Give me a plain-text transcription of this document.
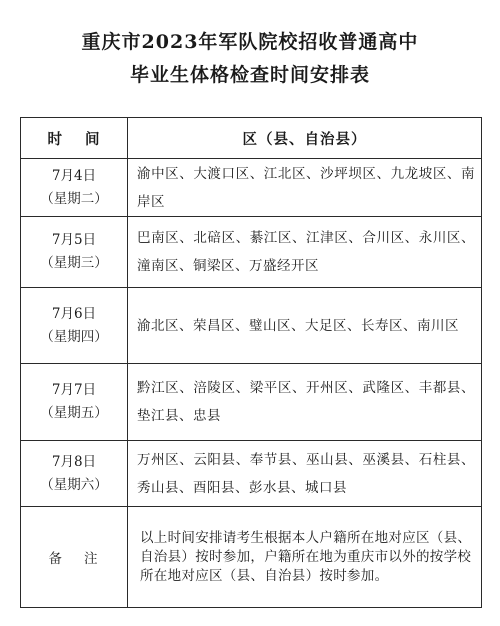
重庆市2023年军队院校招收普通高中
毕业生体格检查时间安排表
时 间	区（县、自治县）

7月4日
（星期二）	渝中区、大渡口区、江北区、沙坪坝区、九龙坡区、南岸区

7月5日
（星期三）	巴南区、北碚区、綦江区、江津区、合川区、永川区、潼南区、铜梁区、万盛经开区

7月6日
（星期四）	渝北区、荣昌区、璧山区、大足区、长寿区、南川区

7月7日
（星期五）	黔江区、涪陵区、梁平区、开州区、武隆区、丰都县、垫江县、忠县

7月8日
（星期六）	万州区、云阳县、奉节县、巫山县、巫溪县、石柱县、秀山县、酉阳县、彭水县、城口县
备 注	以上时间安排请考生根据本人户籍所在地对应区（县、自治县）按时参加，户籍所在地为重庆市以外的按学校所在地对应区（县、自治县）按时参加。
